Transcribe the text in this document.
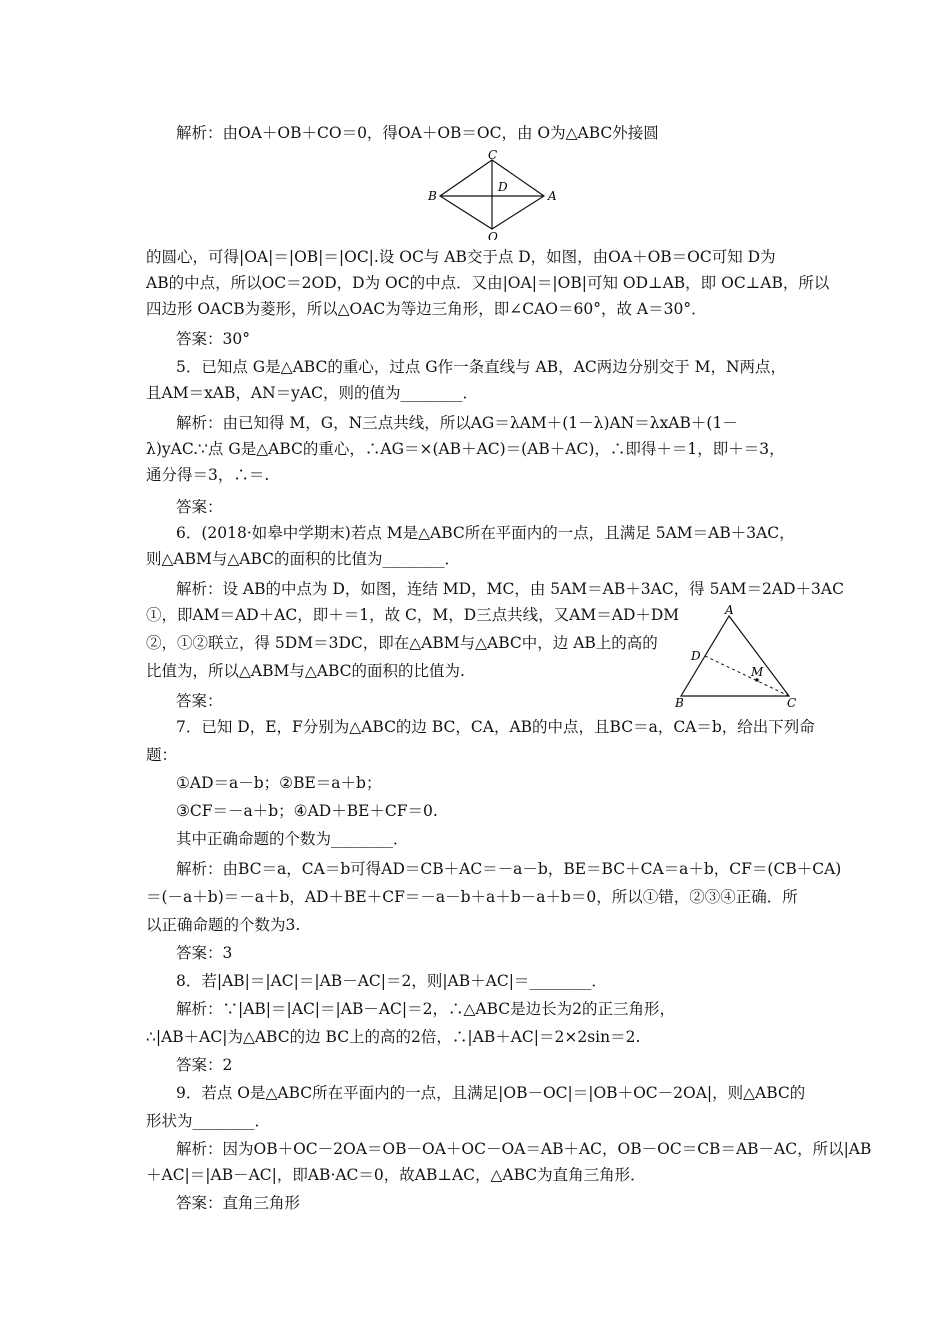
解析：由OA＋OB＋CO＝0，得OA＋OB＝OC，由 O为△ABC外接圆
C
D
B	A
O
的圆心，可得|OA|＝|OB|＝|OC|.设 OC与 AB交于点 D，如图，由OA＋OB＝OC可知 D为
AB的中点，所以OC＝2OD，D为 OC的中点．又由|OA|＝|OB|可知 OD⊥AB，即 OC⊥AB，所以
四边形 OACB为菱形，所以△OAC为等边三角形，即∠CAO＝60°，故 A＝30°．
答案：30°
5．已知点 G是△ABC的重心，过点 G作一条直线与 AB，AC两边分别交于 M，N两点，
且AM＝xAB，AN＝yAC，则的值为________．
解析：由已知得 M，G，N三点共线，所以AG＝λAM＋(1－λ)AN＝λxAB＋(1－
λ)yAC.∵点 G是△ABC的重心，∴AG＝×(AB＋AC)＝(AB＋AC)，∴即得＋＝1，即＋＝3，
通分得＝3，∴＝.
答案：
6．(2018·如皋中学期末)若点 M是△ABC所在平面内的一点，且满足 5AM＝AB＋3AC，
则△ABM与△ABC的面积的比值为________．
解析：设 AB的中点为 D，如图，连结 MD，MC，由 5AM＝AB＋3AC，得 5AM＝2AD＋3AC
①，即AM＝AD＋AC，即＋＝1，故 C，M，D三点共线，又AM＝AD＋DM
②，①②联立，得 5DM＝3DC，即在△ABM与△ABC中，边 AB上的高的
比值为，所以△ABM与△ABC的面积的比值为.
答案：
A
D
M
B	C
7．已知 D，E，F分别为△ABC的边 BC，CA，AB的中点，且BC＝a，CA＝b，给出下列命
题：
①AD＝a－b；②BE＝a＋b；
③CF＝－a＋b；④AD＋BE＋CF＝0.
其中正确命题的个数为________．
解析：由BC＝a，CA＝b可得AD＝CB＋AC＝－a－b，BE＝BC＋CA＝a＋b，CF＝(CB＋CA)
＝(－a＋b)＝－a＋b，AD＋BE＋CF＝－a－b＋a＋b－a＋b＝0，所以①错，②③④正确．所
以正确命题的个数为3.
答案：3
8．若|AB|＝|AC|＝|AB－AC|＝2，则|AB＋AC|＝________．
解析：∵|AB|＝|AC|＝|AB－AC|＝2，∴△ABC是边长为2的正三角形，
∴|AB＋AC|为△ABC的边 BC上的高的2倍，∴|AB＋AC|＝2×2sin＝2.
答案：2
9．若点 O是△ABC所在平面内的一点，且满足|OB－OC|＝|OB＋OC－2OA|，则△ABC的
形状为________．
解析：因为OB＋OC－2OA＝OB－OA＋OC－OA＝AB＋AC，OB－OC＝CB＝AB－AC，所以|AB
＋AC|＝|AB－AC|，即AB·AC＝0，故AB⊥AC，△ABC为直角三角形．
答案：直角三角形
